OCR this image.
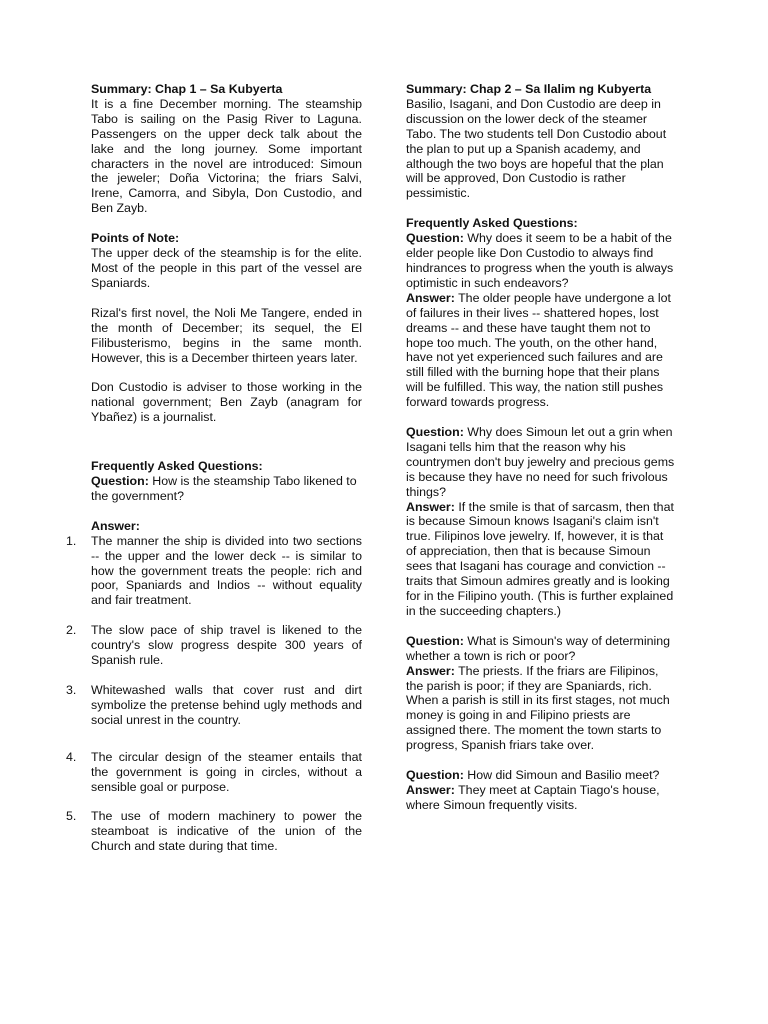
Summary: Chap 1 – Sa Kubyerta

It is a fine December morning. The steamship Tabo is sailing on the Pasig River to Laguna. Passengers on the upper deck talk about the lake and the long journey. Some important characters in the novel are introduced: Simoun the jeweler; Doña Victorina; the friars Salvi, Irene, Camorra, and Sibyla, Don Custodio, and Ben Zayb.

Points of Note:

The upper deck of the steamship is for the elite. Most of the people in this part of the vessel are Spaniards.

Rizal's first novel, the Noli Me Tangere, ended in the month of December; its sequel, the El Filibusterismo, begins in the same month. However, this is a December thirteen years later.

Don Custodio is adviser to those working in the national government; Ben Zayb (anagram for Ybañez) is a journalist.

Frequently Asked Questions:

Question: How is the steamship Tabo likened to the government?

Answer:

1. The manner the ship is divided into two sections -- the upper and the lower deck -- is similar to how the government treats the people: rich and poor, Spaniards and Indios -- without equality and fair treatment.
2. The slow pace of ship travel is likened to the country's slow progress despite 300 years of Spanish rule.
3. Whitewashed walls that cover rust and dirt symbolize the pretense behind ugly methods and social unrest in the country.
4. The circular design of the steamer entails that the government is going in circles, without a sensible goal or purpose.
5. The use of modern machinery to power the steamboat is indicative of the union of the Church and state during that time.

Summary: Chap 2 – Sa Ilalim ng Kubyerta

Basilio, Isagani, and Don Custodio are deep in discussion on the lower deck of the steamer Tabo. The two students tell Don Custodio about the plan to put up a Spanish academy, and although the two boys are hopeful that the plan will be approved, Don Custodio is rather pessimistic.

Frequently Asked Questions:

Question: Why does it seem to be a habit of the elder people like Don Custodio to always find hindrances to progress when the youth is always optimistic in such endeavors?

Answer: The older people have undergone a lot of failures in their lives -- shattered hopes, lost dreams -- and these have taught them not to hope too much. The youth, on the other hand, have not yet experienced such failures and are still filled with the burning hope that their plans will be fulfilled. This way, the nation still pushes forward towards progress.

Question: Why does Simoun let out a grin when Isagani tells him that the reason why his countrymen don't buy jewelry and precious gems is because they have no need for such frivolous things?

Answer: If the smile is that of sarcasm, then that is because Simoun knows Isagani's claim isn't true. Filipinos love jewelry. If, however, it is that of appreciation, then that is because Simoun sees that Isagani has courage and conviction -- traits that Simoun admires greatly and is looking for in the Filipino youth. (This is further explained in the succeeding chapters.)

Question: What is Simoun's way of determining whether a town is rich or poor?

Answer: The priests. If the friars are Filipinos, the parish is poor; if they are Spaniards, rich. When a parish is still in its first stages, not much money is going in and Filipino priests are assigned there. The moment the town starts to progress, Spanish friars take over.

Question: How did Simoun and Basilio meet?

Answer: They meet at Captain Tiago's house, where Simoun frequently visits.
